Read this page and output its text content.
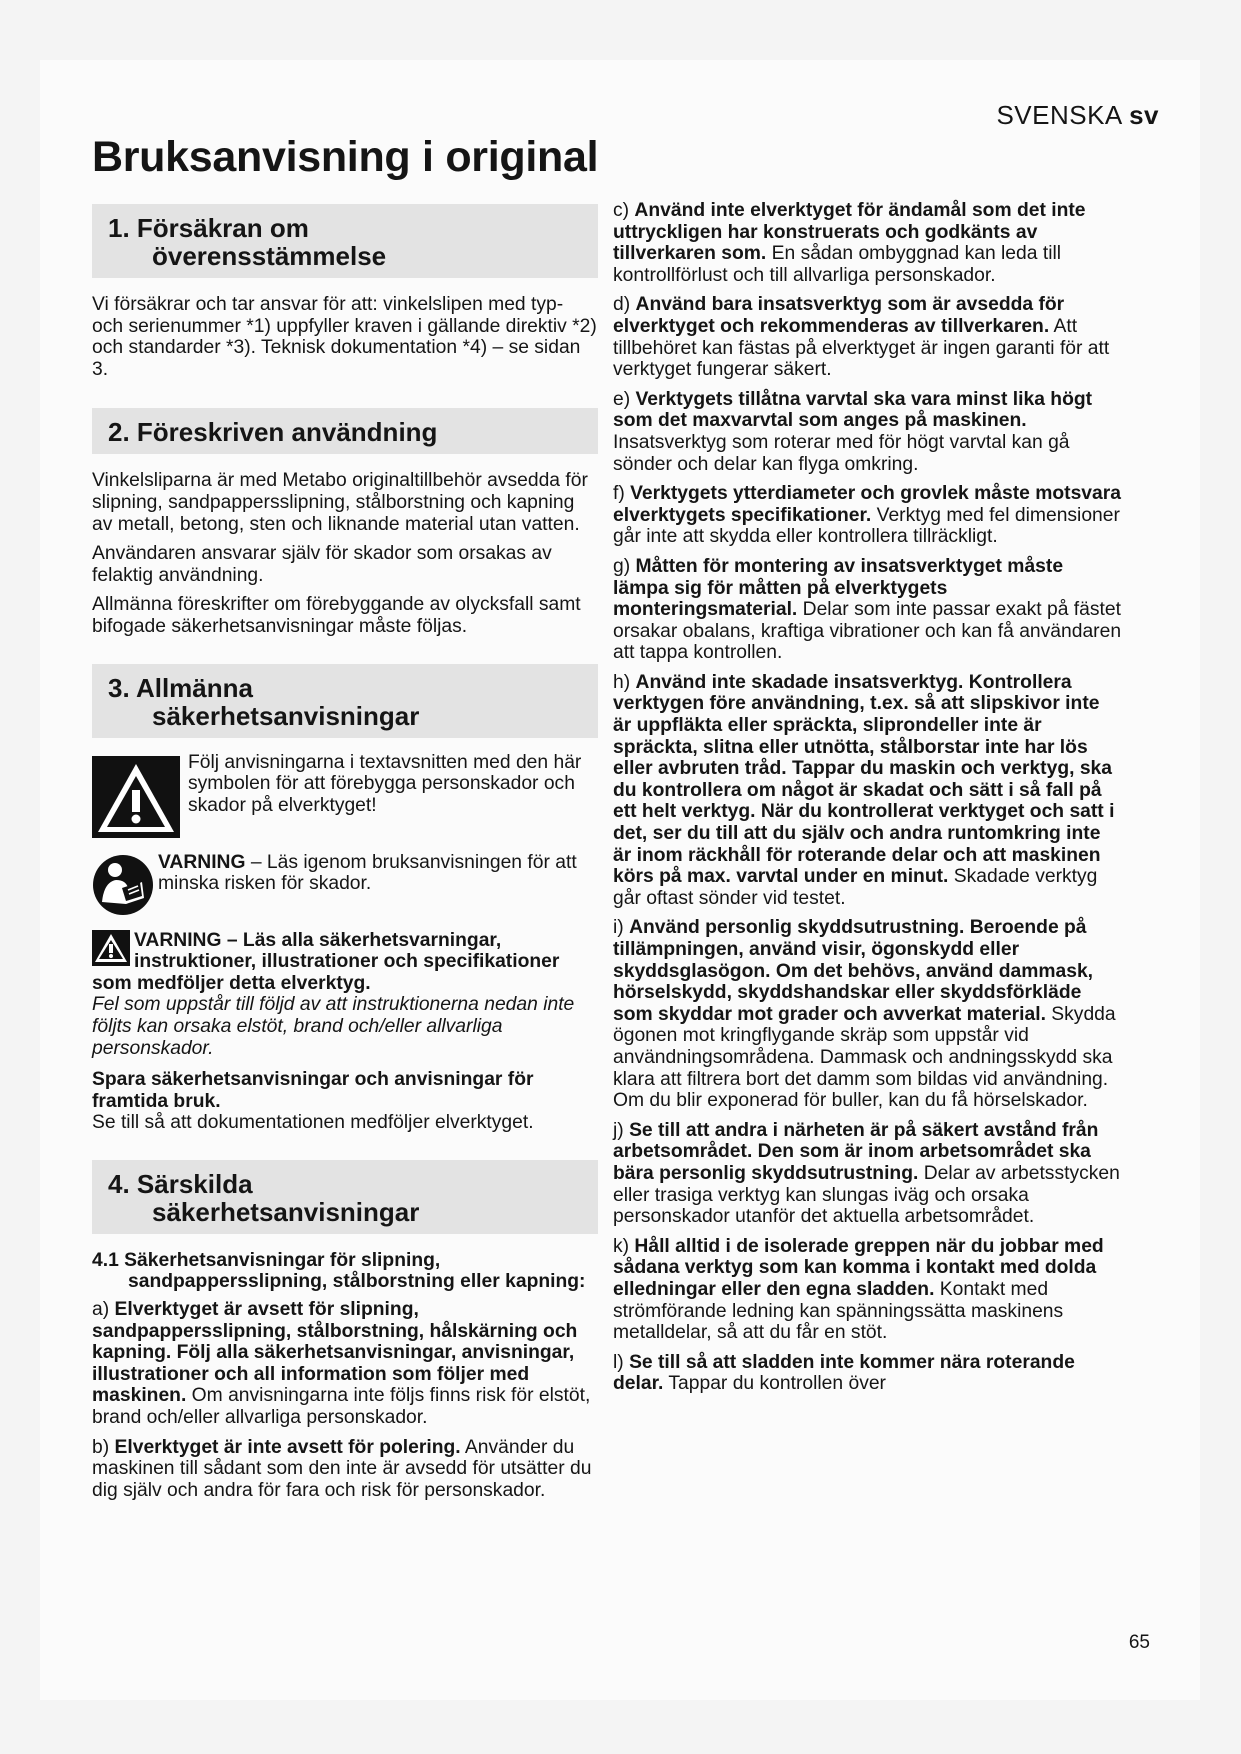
SVENSKA sv
Bruksanvisning i original
1. Försäkran om
överensstämmelse

Vi försäkrar och tar ansvar för att: vinkelslipen med typ- och serienummer *1) uppfyller kraven i gällande direktiv *2) och standarder *3). Teknisk dokumentation *4) – se sidan 3.

2. Föreskriven användning

Vinkelsliparna är med Metabo originaltillbehör avsedda för slipning, sandpappersslipning, stålborstning och kapning av metall, betong, sten och liknande material utan vatten.

Användaren ansvarar själv för skador som orsakas av felaktig användning.

Allmänna föreskrifter om förebyggande av olycksfall samt bifogade säkerhetsanvisningar måste följas.

3. Allmänna
säkerhetsanvisningar

Följ anvisningarna i textavsnitten med den här symbolen för att förebygga personskador och skador på elverktyget!

VARNING – Läs igenom bruksanvisningen för att minska risken för skador.

VARNING – Läs alla säkerhetsvarningar, instruktioner, illustrationer och specifikationer som medföljer detta elverktyg.
Fel som uppstår till följd av att instruktionerna nedan inte följts kan orsaka elstöt, brand och/eller allvarliga personskador.

Spara säkerhetsanvisningar och anvisningar för framtida bruk.
Se till så att dokumentationen medföljer elverktyget.

4. Särskilda
säkerhetsanvisningar
4.1 Säkerhetsanvisningar för slipning,
sandpappersslipning, stålborstning eller kapning:

a) Elverktyget är avsett för slipning, sandpappersslipning, stålborstning, hålskärning och kapning. Följ alla säkerhetsanvisningar, anvisningar, illustrationer och all information som följer med maskinen. Om anvisningarna inte följs finns risk för elstöt, brand och/eller allvarliga personskador.

b) Elverktyget är inte avsett för polering. Använder du maskinen till sådant som den inte är avsedd för utsätter du dig själv och andra för fara och risk för personskador.

c) Använd inte elverktyget för ändamål som det inte uttryckligen har konstruerats och godkänts av tillverkaren som. En sådan ombyggnad kan leda till kontrollförlust och till allvarliga personskador.

d) Använd bara insatsverktyg som är avsedda för elverktyget och rekommenderas av tillverkaren. Att tillbehöret kan fästas på elverktyget är ingen garanti för att verktyget fungerar säkert.

e) Verktygets tillåtna varvtal ska vara minst lika högt som det maxvarvtal som anges på maskinen. Insatsverktyg som roterar med för högt varvtal kan gå sönder och delar kan flyga omkring.

f) Verktygets ytterdiameter och grovlek måste motsvara elverktygets specifikationer. Verktyg med fel dimensioner går inte att skydda eller kontrollera tillräckligt.

g) Måtten för montering av insatsverktyget måste lämpa sig för måtten på elverktygets monteringsmaterial. Delar som inte passar exakt på fästet orsakar obalans, kraftiga vibrationer och kan få användaren att tappa kontrollen.

h) Använd inte skadade insatsverktyg. Kontrollera verktygen före användning, t.ex. så att slipskivor inte är uppfläkta eller spräckta, sliprondeller inte är spräckta, slitna eller utnötta, stålborstar inte har lös eller avbruten tråd. Tappar du maskin och verktyg, ska du kontrollera om något är skadat och sätt i så fall på ett helt verktyg. När du kontrollerat verktyget och satt i det, ser du till att du själv och andra runtomkring inte är inom räckhåll för roterande delar och att maskinen körs på max. varvtal under en minut. Skadade verktyg går oftast sönder vid testet.

i) Använd personlig skyddsutrustning. Beroende på tillämpningen, använd visir, ögonskydd eller skyddsglasögon. Om det behövs, använd dammask, hörselskydd, skyddshandskar eller skyddsförkläde som skyddar mot grader och avverkat material. Skydda ögonen mot kringflygande skräp som uppstår vid användningsområdena. Dammask och andningsskydd ska klara att filtrera bort det damm som bildas vid användning. Om du blir exponerad för buller, kan du få hörselskador.

j) Se till att andra i närheten är på säkert avstånd från arbetsområdet. Den som är inom arbetsområdet ska bära personlig skyddsutrustning. Delar av arbetsstycken eller trasiga verktyg kan slungas iväg och orsaka personskador utanför det aktuella arbetsområdet.

k) Håll alltid i de isolerade greppen när du jobbar med sådana verktyg som kan komma i kontakt med dolda elledningar eller den egna sladden. Kontakt med strömförande ledning kan spänningssätta maskinens metalldelar, så att du får en stöt.

l) Se till så att sladden inte kommer nära roterande delar. Tappar du kontrollen över

65
